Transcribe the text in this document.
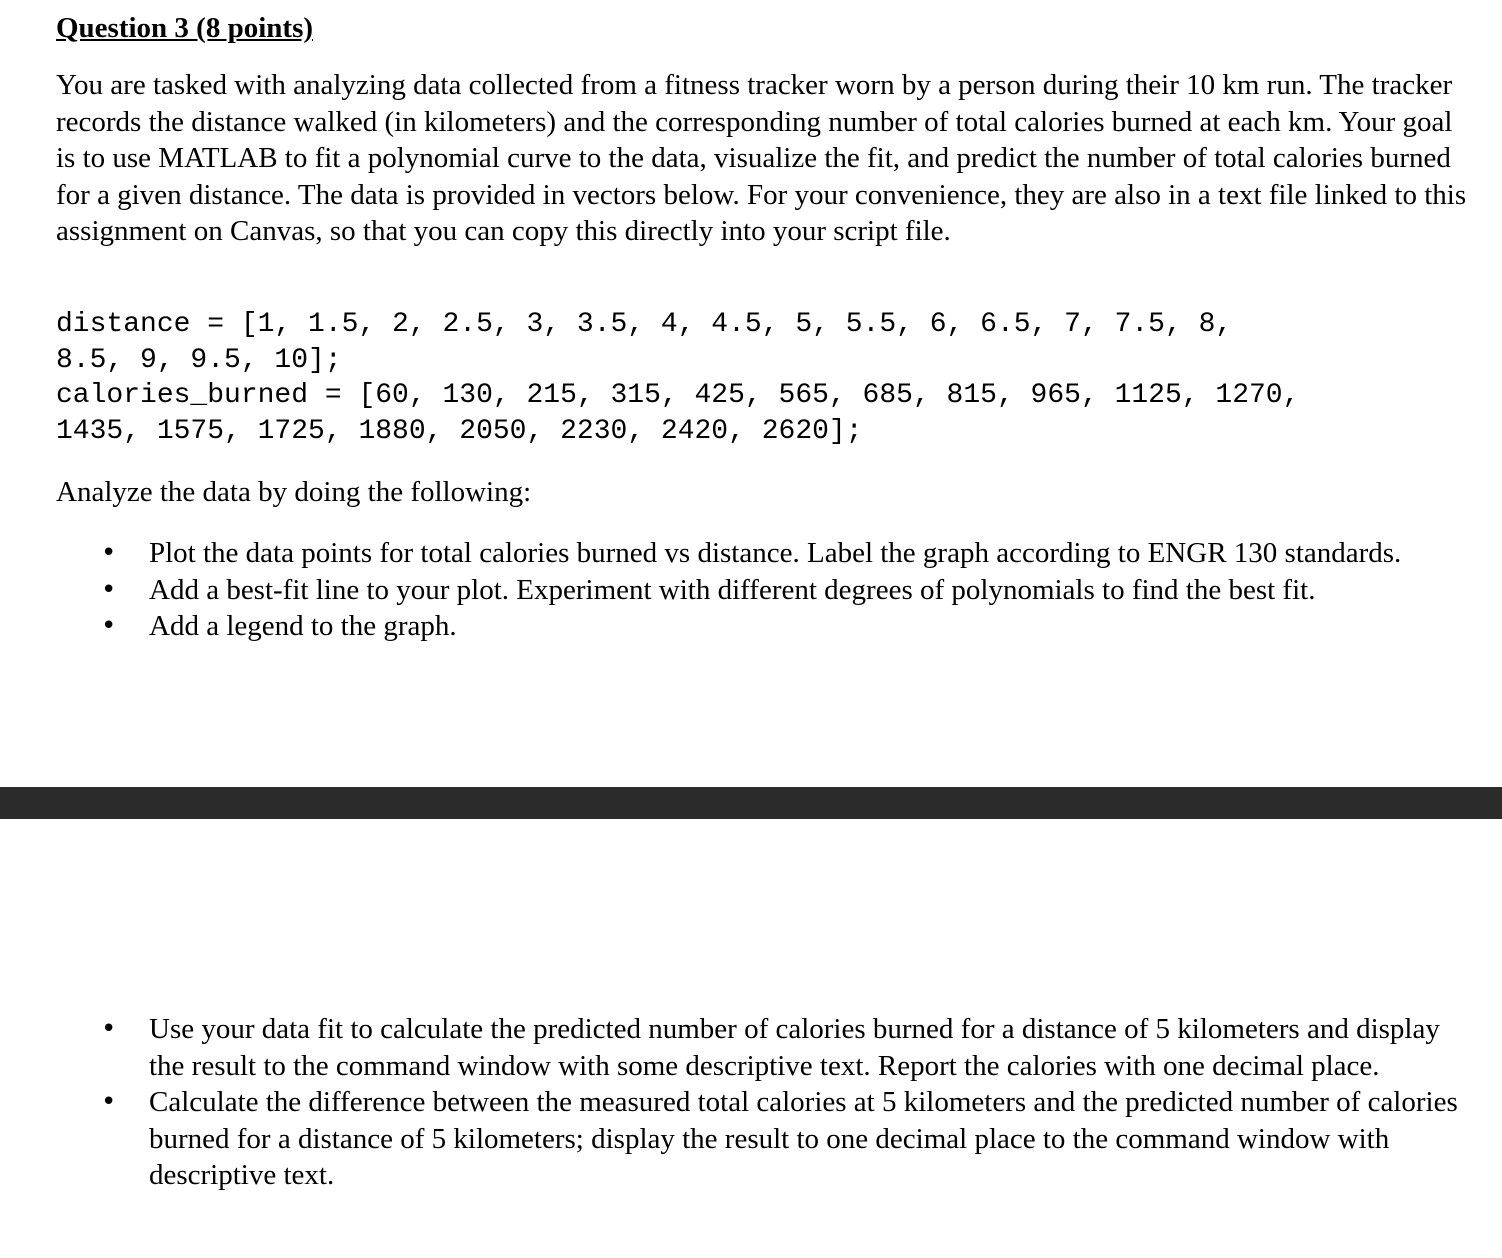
Question 3 (8 points)

You are tasked with analyzing data collected from a fitness tracker worn by a person during their 10 km run. The tracker records the distance walked (in kilometers) and the corresponding number of total calories burned at each km. Your goal is to use MATLAB to fit a polynomial curve to the data, visualize the fit, and predict the number of total calories burned for a given distance. The data is provided in vectors below. For your convenience, they are also in a text file linked to this assignment on Canvas, so that you can copy this directly into your script file.

distance = [1, 1.5, 2, 2.5, 3, 3.5, 4, 4.5, 5, 5.5, 6, 6.5, 7, 7.5, 8,
8.5, 9, 9.5, 10];
calories_burned = [60, 130, 215, 315, 425, 565, 685, 815, 965, 1125, 1270,
1435, 1575, 1725, 1880, 2050, 2230, 2420, 2620];

Analyze the data by doing the following:

• Plot the data points for total calories burned vs distance. Label the graph according to ENGR 130 standards.
• Add a best-fit line to your plot. Experiment with different degrees of polynomials to find the best fit.
• Add a legend to the graph.
• Use your data fit to calculate the predicted number of calories burned for a distance of 5 kilometers and display the result to the command window with some descriptive text. Report the calories with one decimal place.
• Calculate the difference between the measured total calories at 5 kilometers and the predicted number of calories burned for a distance of 5 kilometers; display the result to one decimal place to the command window with descriptive text.
